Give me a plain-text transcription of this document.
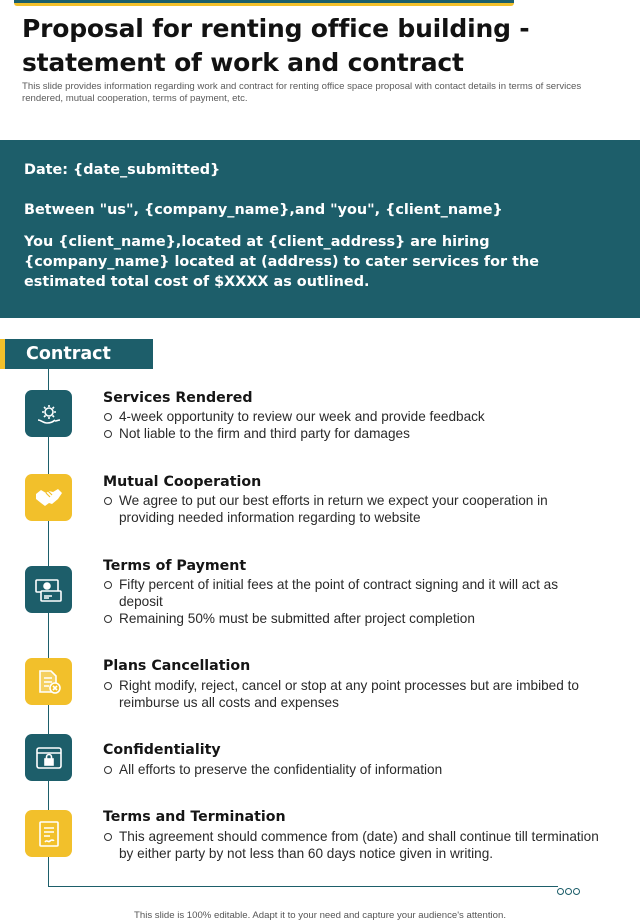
Proposal for renting office building -
statement of work and contract

This slide provides information regarding work and contract for renting office space proposal with contact details in terms of services rendered, mutual cooperation, terms of payment, etc.

Date: {date_submitted}

Between "us", {company_name},and "you", {client_name}

You {client_name},located at {client_address} are hiring {company_name} located at (address) to cater services for the estimated total cost of $XXXX as outlined.

Contract
Services Rendered
4-week opportunity to review our week and provide feedback
Not liable to the firm and third party for damages
Mutual Cooperation
We agree to put our best efforts in return we expect your cooperation in providing needed information regarding to website
Terms of Payment
Fifty percent of initial fees at the point of contract signing and it will act as deposit
Remaining 50% must be submitted after project completion
Plans Cancellation
Right modify, reject, cancel or stop at any point processes but are imbibed to reimburse us all costs and expenses
Confidentiality
All efforts to preserve the confidentiality of information
Terms and Termination
This agreement should commence from (date) and shall continue till termination by either party by not less than 60 days notice given in writing.
This slide is 100% editable. Adapt it to your need and capture your audience's attention.
